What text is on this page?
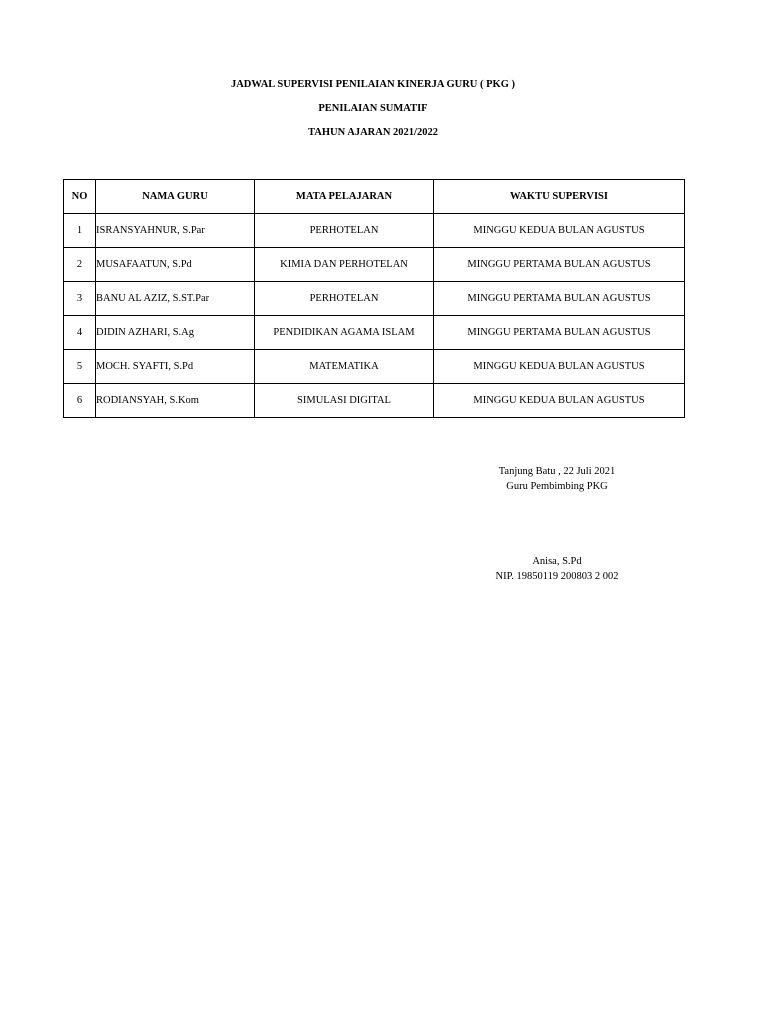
JADWAL SUPERVISI PENILAIAN KINERJA GURU ( PKG )
PENILAIAN SUMATIF
TAHUN AJARAN 2021/2022
NO	NAMA GURU	MATA PELAJARAN	WAKTU SUPERVISI
1	ISRANSYAHNUR, S.Par	PERHOTELAN	MINGGU KEDUA BULAN AGUSTUS
2	MUSAFAATUN, S.Pd	KIMIA DAN PERHOTELAN	MINGGU PERTAMA BULAN AGUSTUS
3	BANU AL AZIZ, S.ST.Par	PERHOTELAN	MINGGU PERTAMA BULAN AGUSTUS
4	DIDIN AZHARI, S.Ag	PENDIDIKAN AGAMA ISLAM	MINGGU PERTAMA BULAN AGUSTUS
5	MOCH. SYAFTI, S.Pd	MATEMATIKA	MINGGU KEDUA BULAN AGUSTUS
6	RODIANSYAH, S.Kom	SIMULASI DIGITAL	MINGGU KEDUA BULAN AGUSTUS
Tanjung Batu , 22 Juli 2021
Guru Pembimbing PKG
Anisa, S.Pd
NIP. 19850119 200803 2 002
